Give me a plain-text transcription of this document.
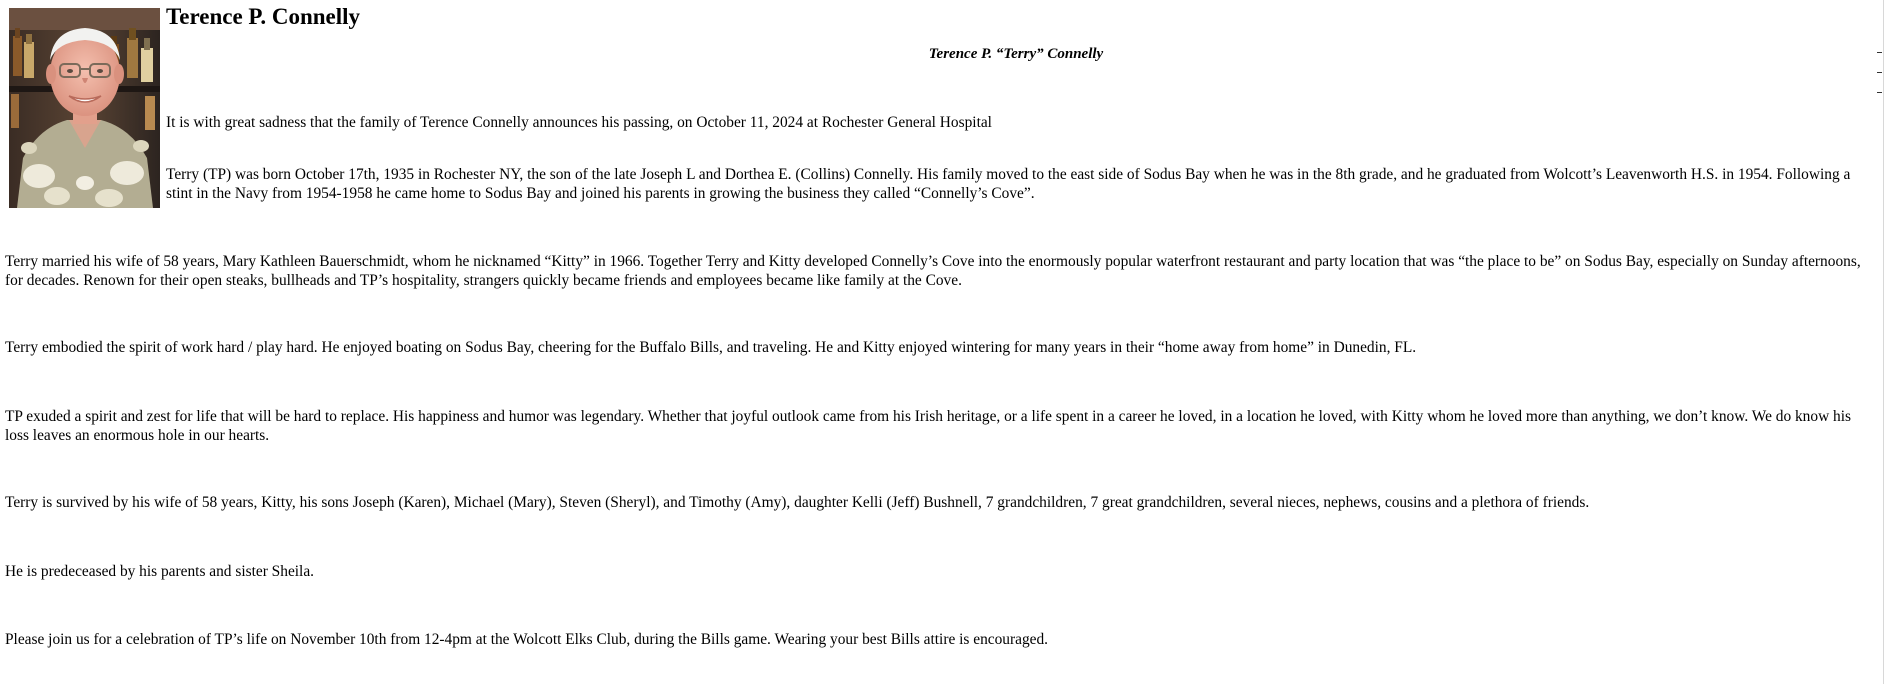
Terence P. Connelly

Terence P. “Terry” Connelly

It is with great sadness that the family of Terence Connelly announces his passing, on October 11, 2024 at Rochester General Hospital

Terry (TP) was born October 17th, 1935 in Rochester NY, the son of the late Joseph L and Dorthea E. (Collins) Connelly. His family moved to the east side of Sodus Bay when he was in the 8th grade, and he graduated from Wolcott’s Leavenworth H.S. in 1954. Following a stint in the Navy from 1954-1958 he came home to Sodus Bay and joined his parents in growing the business they called “Connelly’s Cove”.

Terry married his wife of 58 years, Mary Kathleen Bauerschmidt, whom he nicknamed “Kitty” in 1966. Together Terry and Kitty developed Connelly’s Cove into the enormously popular waterfront restaurant and party location that was “the place to be” on Sodus Bay, especially on Sunday afternoons, for decades. Renown for their open steaks, bullheads and TP’s hospitality, strangers quickly became friends and employees became like family at the Cove.

Terry embodied the spirit of work hard / play hard. He enjoyed boating on Sodus Bay, cheering for the Buffalo Bills, and traveling. He and Kitty enjoyed wintering for many years in their “home away from home” in Dunedin, FL.

TP exuded a spirit and zest for life that will be hard to replace. His happiness and humor was legendary. Whether that joyful outlook came from his Irish heritage, or a life spent in a career he loved, in a location he loved, with Kitty whom he loved more than anything, we don’t know. We do know his loss leaves an enormous hole in our hearts.

Terry is survived by his wife of 58 years, Kitty, his sons Joseph (Karen), Michael (Mary), Steven (Sheryl), and Timothy (Amy), daughter Kelli (Jeff) Bushnell, 7 grandchildren, 7 great grandchildren, several nieces, nephews, cousins and a plethora of friends.

He is predeceased by his parents and sister Sheila.

Please join us for a celebration of TP’s life on November 10th from 12-4pm at the Wolcott Elks Club, during the Bills game. Wearing your best Bills attire is encouraged.
